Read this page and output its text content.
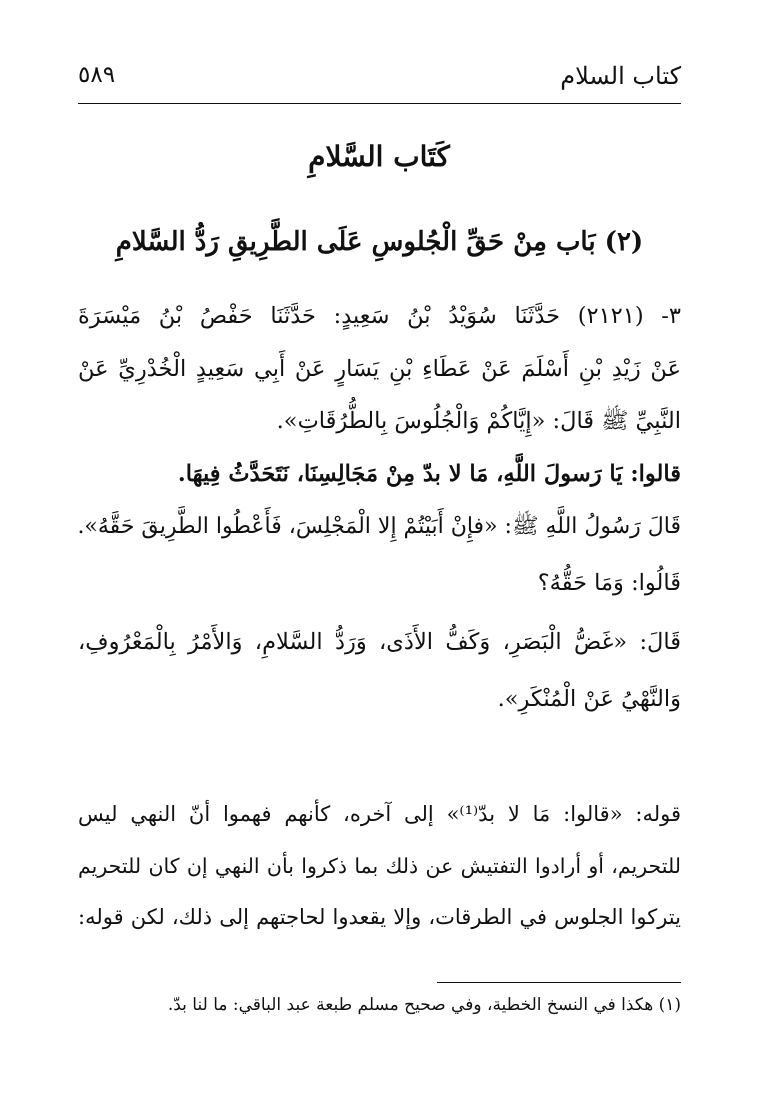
كتاب السلام
٥٨٩
كَتَاب السَّلامِ
(٢) بَاب مِنْ حَقِّ الْجُلوسِ عَلَى الطَّرِيقِ رَدُّ السَّلامِ
٣- (٢١٢١) حَدَّثَنَا سُوَيْدُ بْنُ سَعِيدٍ: حَدَّثَنَا حَفْصُ بْنُ مَيْسَرَةَ
عَنْ زَيْدِ بْنِ أَسْلَمَ عَنْ عَطَاءِ بْنِ يَسَارٍ عَنْ أَبِي سَعِيدٍ الْخُدْرِيِّ عَنْ
النَّبِيِّ ﷺ قَالَ: «إِيَّاكُمْ وَالْجُلُوسَ بِالطُّرُقَاتِ».
قالوا: يَا رَسولَ اللَّهِ، مَا لا بدّ مِنْ مَجَالِسِنَا، نَتَحَدَّثُ فِيهَا.
قَالَ رَسُولُ اللَّهِ ﷺ: «فإِنْ أَبَيْتُمْ إِلا الْمَجْلِسَ، فَأَعْطُوا الطَّرِيقَ حَقَّهُ».
قَالُوا: وَمَا حَقُّهُ؟
قَالَ: «غَضُّ الْبَصَرِ، وَكَفُّ الأَذَى، وَرَدُّ السَّلامِ، وَالأَمْرُ بِالْمَعْرُوفِ،
وَالنَّهْيُ عَنْ الْمُنْكَرِ».
قوله: «قالوا: مَا لا بدّ⁽¹⁾» إلى آخره، كأنهم فهموا أنّ النهي ليس
للتحريم، أو أرادوا التفتيش عن ذلك بما ذكروا بأن النهي إن كان للتحريم
يتركوا الجلوس في الطرقات، وإلا يقعدوا لحاجتهم إلى ذلك، لكن قوله:
(١) هكذا في النسخ الخطية، وفي صحيح مسلم طبعة عبد الباقي: ما لنا بدّ.
